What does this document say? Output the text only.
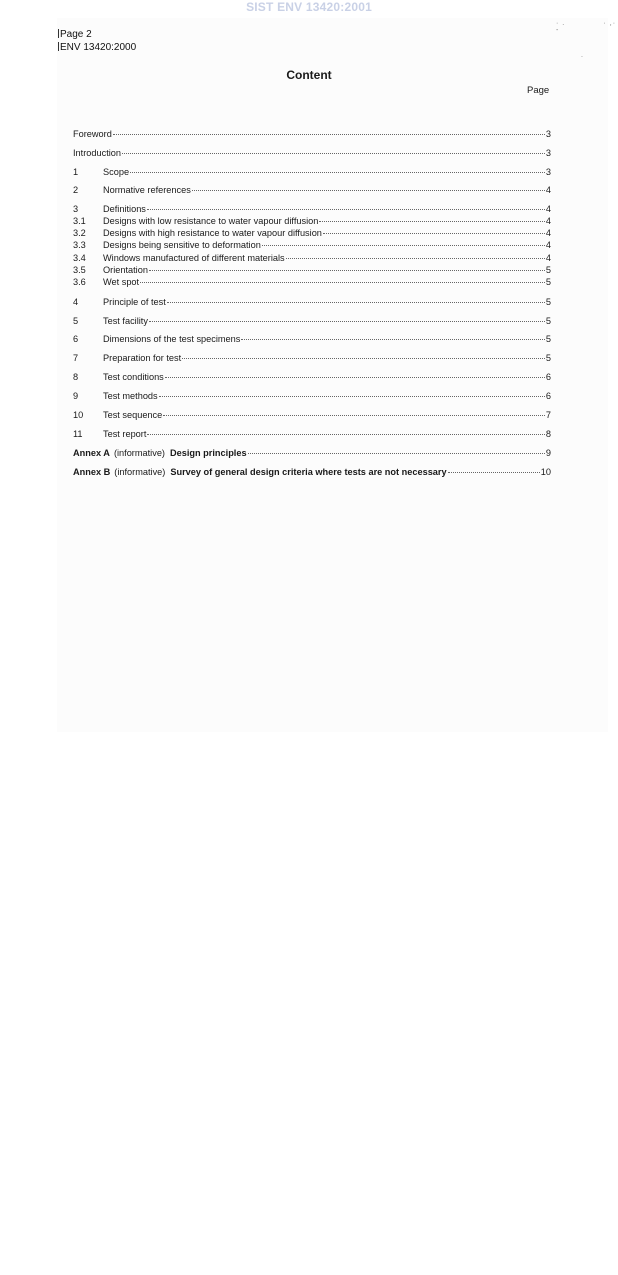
SIST ENV 13420:2001
· .             · ,· -
.
Page 2
ENV 13420:2000
Content
Page
Foreword	3
Introduction	3
1	Scope	3
2	Normative references	4
3	Definitions	4
3.1	Designs with low resistance to water vapour diffusion	4
3.2	Designs with high resistance to water vapour diffusion	4
3.3	Designs being sensitive to deformation	4
3.4	Windows manufactured of different materials	4
3.5	Orientation	5
3.6	Wet spot	5
4	Principle of test	5
5	Test facility	5
6	Dimensions of the test specimens	5
7	Preparation for test	5
8	Test conditions	6
9	Test methods	6
10	Test sequence	7
11	Test report	8
Annex A (informative) Design principles	9
Annex B (informative) Survey of general design criteria where tests are not necessary	10
